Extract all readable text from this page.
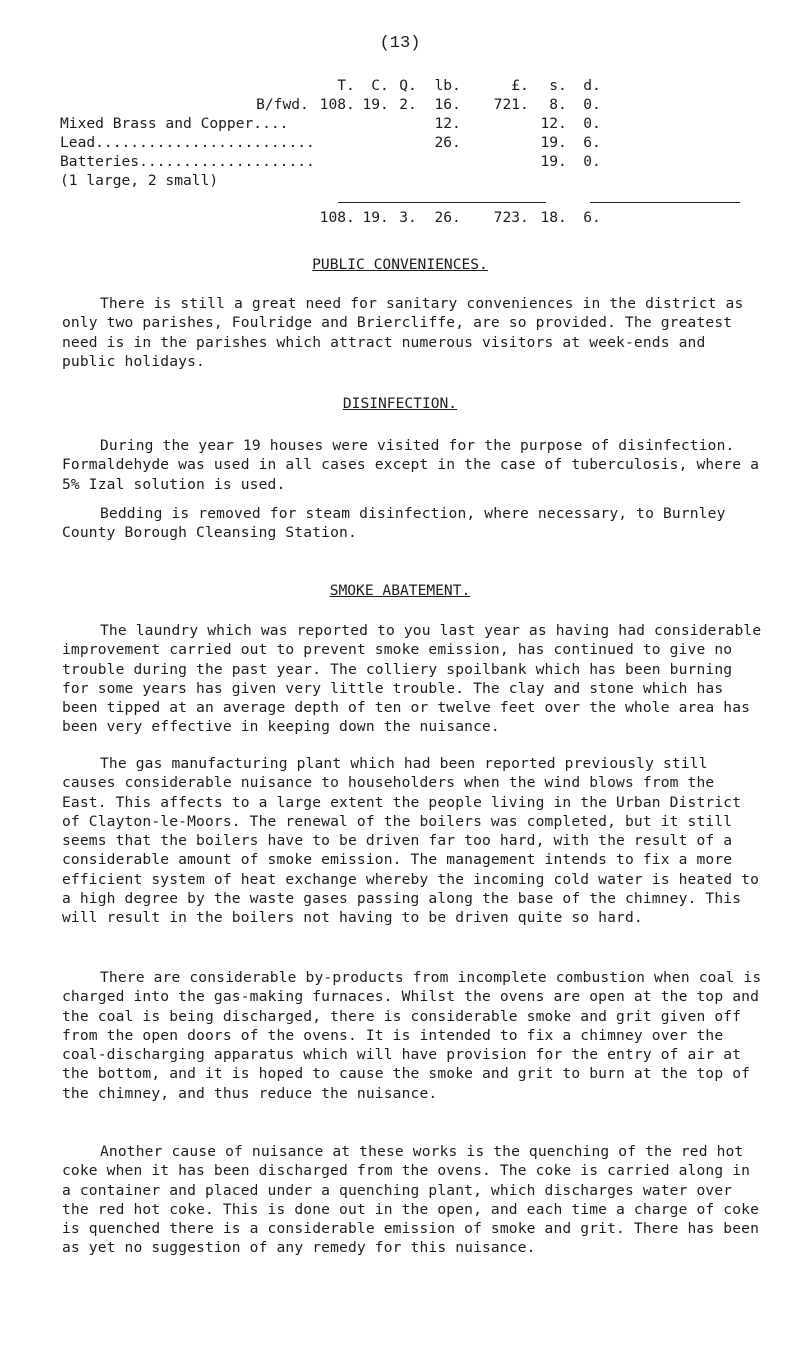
(13)
	T.	C.	Q.	lb.	£.	s.	d.
B/fwd.	108.	19.	2.	16.	721.	8.	0.
Mixed Brass and Copper....				12.		12.	0.
Lead.........................				26.		19.	6.
Batteries....................						19.	0.
(1 large, 2 small)							
	108.	19.	3.	26.	723.	18.	6.
PUBLIC CONVENIENCES.

There is still a great need for sanitary conveniences in the district as only two parishes, Foulridge and Briercliffe, are so provided. The greatest need is in the parishes which attract numerous visitors at week-ends and public holidays.

DISINFECTION.

During the year 19 houses were visited for the purpose of disinfection. Formaldehyde was used in all cases except in the case of tuberculosis, where a 5% Izal solution is used.

Bedding is removed for steam disinfection, where necessary, to Burnley County Borough Cleansing Station.

SMOKE ABATEMENT.

The laundry which was reported to you last year as having had considerable improvement carried out to prevent smoke emission, has continued to give no trouble during the past year. The colliery spoilbank which has been burning for some years has given very little trouble. The clay and stone which has been tipped at an average depth of ten or twelve feet over the whole area has been very effective in keeping down the nuisance.

The gas manufacturing plant which had been reported previously still causes considerable nuisance to householders when the wind blows from the East. This affects to a large extent the people living in the Urban District of Clayton-le-Moors. The renewal of the boilers was completed, but it still seems that the boilers have to be driven far too hard, with the result of a considerable amount of smoke emission. The management intends to fix a more efficient system of heat exchange whereby the incoming cold water is heated to a high degree by the waste gases passing along the base of the chimney. This will result in the boilers not having to be driven quite so hard.

There are considerable by-products from incomplete combustion when coal is charged into the gas-making furnaces. Whilst the ovens are open at the top and the coal is being discharged, there is considerable smoke and grit given off from the open doors of the ovens. It is intended to fix a chimney over the coal-discharging apparatus which will have provision for the entry of air at the bottom, and it is hoped to cause the smoke and grit to burn at the top of the chimney, and thus reduce the nuisance.

Another cause of nuisance at these works is the quenching of the red hot coke when it has been discharged from the ovens. The coke is carried along in a container and placed under a quenching plant, which discharges water over the red hot coke. This is done out in the open, and each time a charge of coke is quenched there is a considerable emission of smoke and grit. There has been as yet no suggestion of any remedy for this nuisance.
